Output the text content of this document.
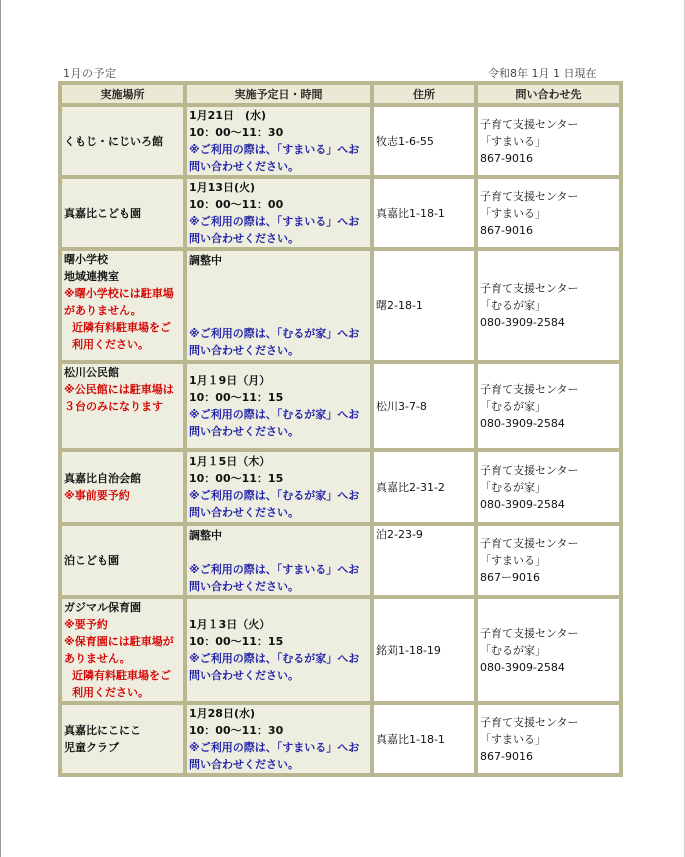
1月の予定	令和8年 1月 1 日現在
実施場所	実施予定日・時間	住所	問い合わせ先

くもじ・にじいろ館	1月21日　(水)
10：00～11：30
※ご利用の際は、「すまいる」へお問い合わせください。	牧志1-6-55	子育て支援センター
「すまいる」
867-9016

真嘉比こども園	1月13日(火)
10：00～11：00
※ご利用の際は、「すまいる」へお問い合わせください。	真嘉比1-18-1	子育て支援センター
「すまいる」
867-9016

曙小学校
地域連携室
※曙小学校には駐車場がありません。
近隣有料駐車場をご利用ください。	調整中
※ご利用の際は、「むるが家」へお問い合わせください。	曙2-18-1	子育て支援センター
「むるが家」
080-3909-2584

松川公民館
※公民館には駐車場は３台のみになります	1月１9日（月）
10：00～11：15
※ご利用の際は、「むるが家」へお問い合わせください。	松川3-7-8	子育て支援センター
「むるが家」
080-3909-2584

真嘉比自治会館
※事前要予約	1月１5日（木）
10：00～11：15
※ご利用の際は、「むるが家」へお問い合わせください。	真嘉比2-31-2	子育て支援センター
「むるが家」
080-3909-2584

泊こども園	調整中

※ご利用の際は、「すまいる」へお問い合わせください。	泊2-23-9	子育て支援センター
「すまいる」
867ー9016

ガジマル保育園
※要予約
※保育園には駐車場がありません。
近隣有料駐車場をご利用ください。	1月１3日（火）
10：00～11：15
※ご利用の際は、「むるが家」へお問い合わせください。	銘苅1-18-19	子育て支援センター
「むるが家」
080-3909-2584

真嘉比にこにこ
児童クラブ	1月28日(水)
10：00～11：30
※ご利用の際は、「すまいる」へお問い合わせください。	真嘉比1-18-1	子育て支援センター
「すまいる」
867-9016
